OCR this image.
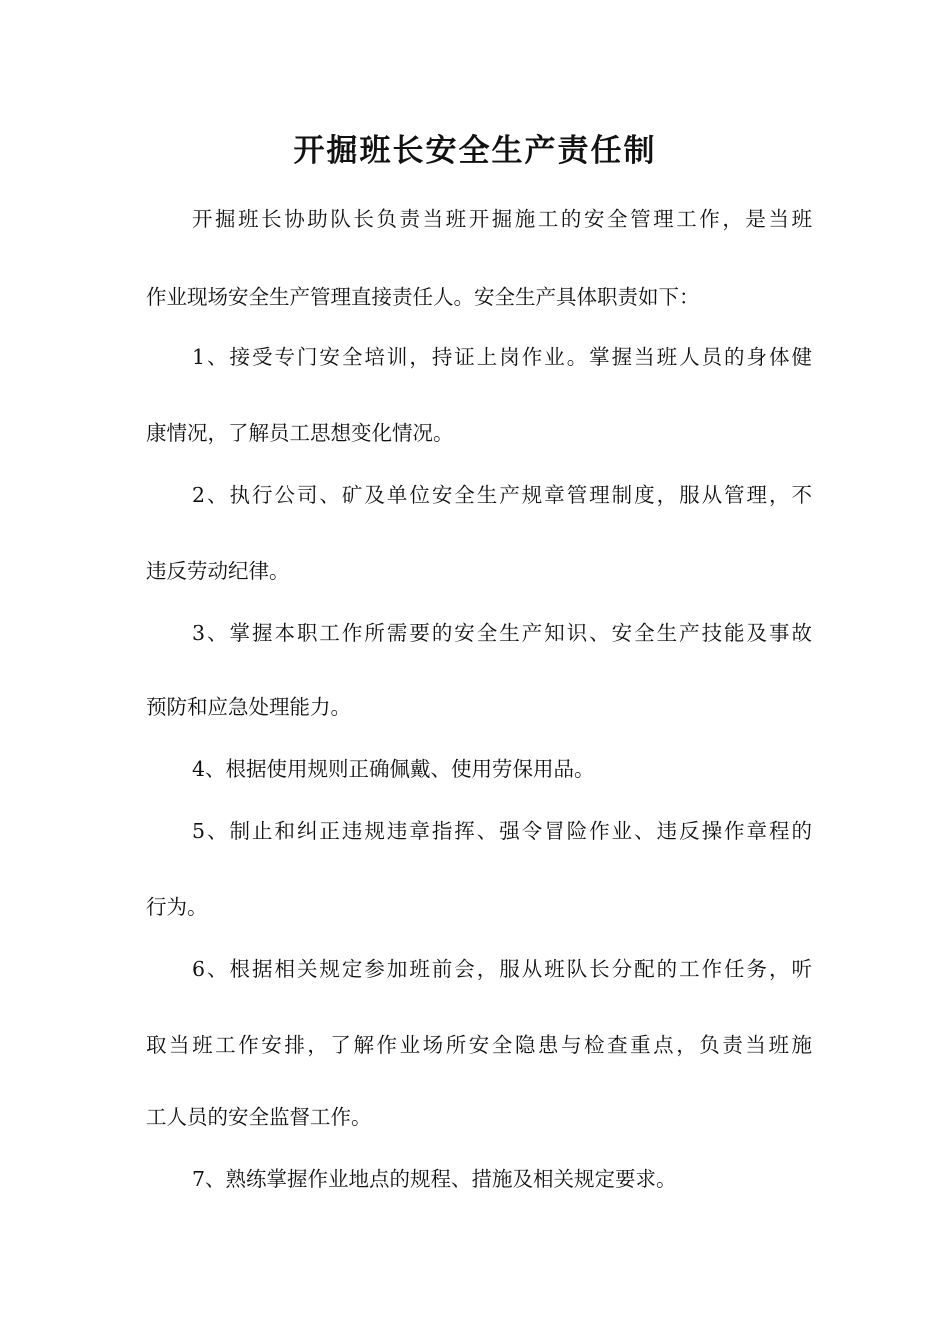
开掘班长安全生产责任制

开掘班长协助队长负责当班开掘施工的安全管理工作，是当班

作业现场安全生产管理直接责任人。安全生产具体职责如下：

1、接受专门安全培训，持证上岗作业。掌握当班人员的身体健

康情况，了解员工思想变化情况。

2、执行公司、矿及单位安全生产规章管理制度，服从管理，不

违反劳动纪律。

3、掌握本职工作所需要的安全生产知识、安全生产技能及事故

预防和应急处理能力。

4、根据使用规则正确佩戴、使用劳保用品。

5、制止和纠正违规违章指挥、强令冒险作业、违反操作章程的

行为。

6、根据相关规定参加班前会，服从班队长分配的工作任务，听

取当班工作安排，了解作业场所安全隐患与检查重点，负责当班施

工人员的安全监督工作。

7、熟练掌握作业地点的规程、措施及相关规定要求。
